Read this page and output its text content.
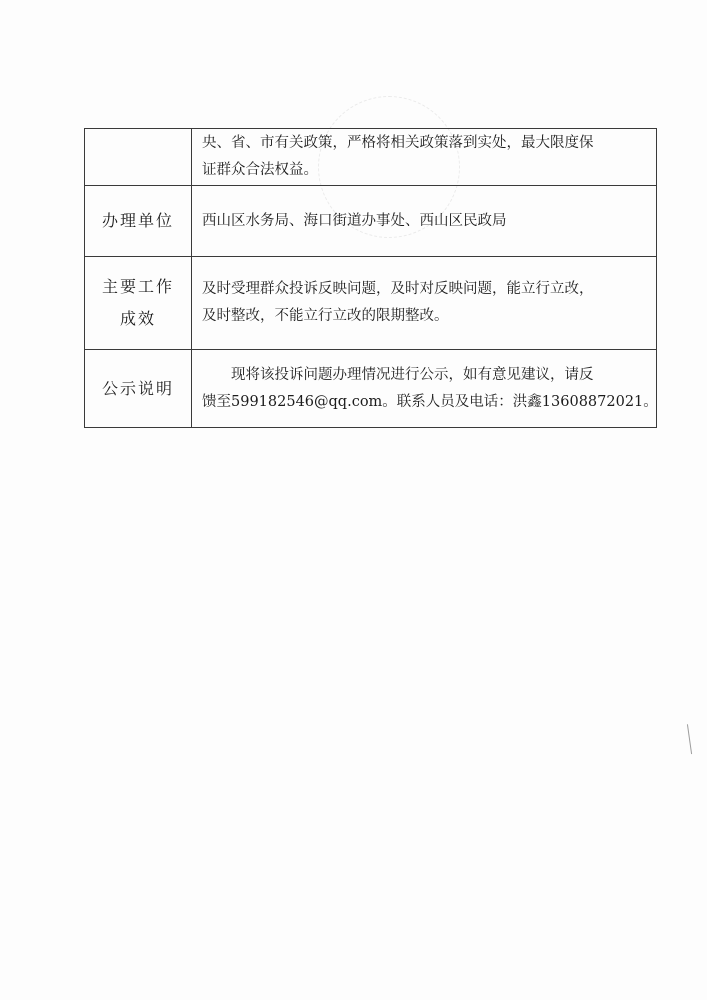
	央、省、市有关政策，严格将相关政策落到实处，最大限度保
证群众合法权益。

办理单位	西山区水务局、海口街道办事处、西山区民政局

主要工作
成效	及时受理群众投诉反映问题，及时对反映问题，能立行立改，
及时整改，不能立行立改的限期整改。

公示说明	现将该投诉问题办理情况进行公示，如有意见建议，请反
馈至599182546@qq.com。联系人员及电话：洪鑫13608872021。
